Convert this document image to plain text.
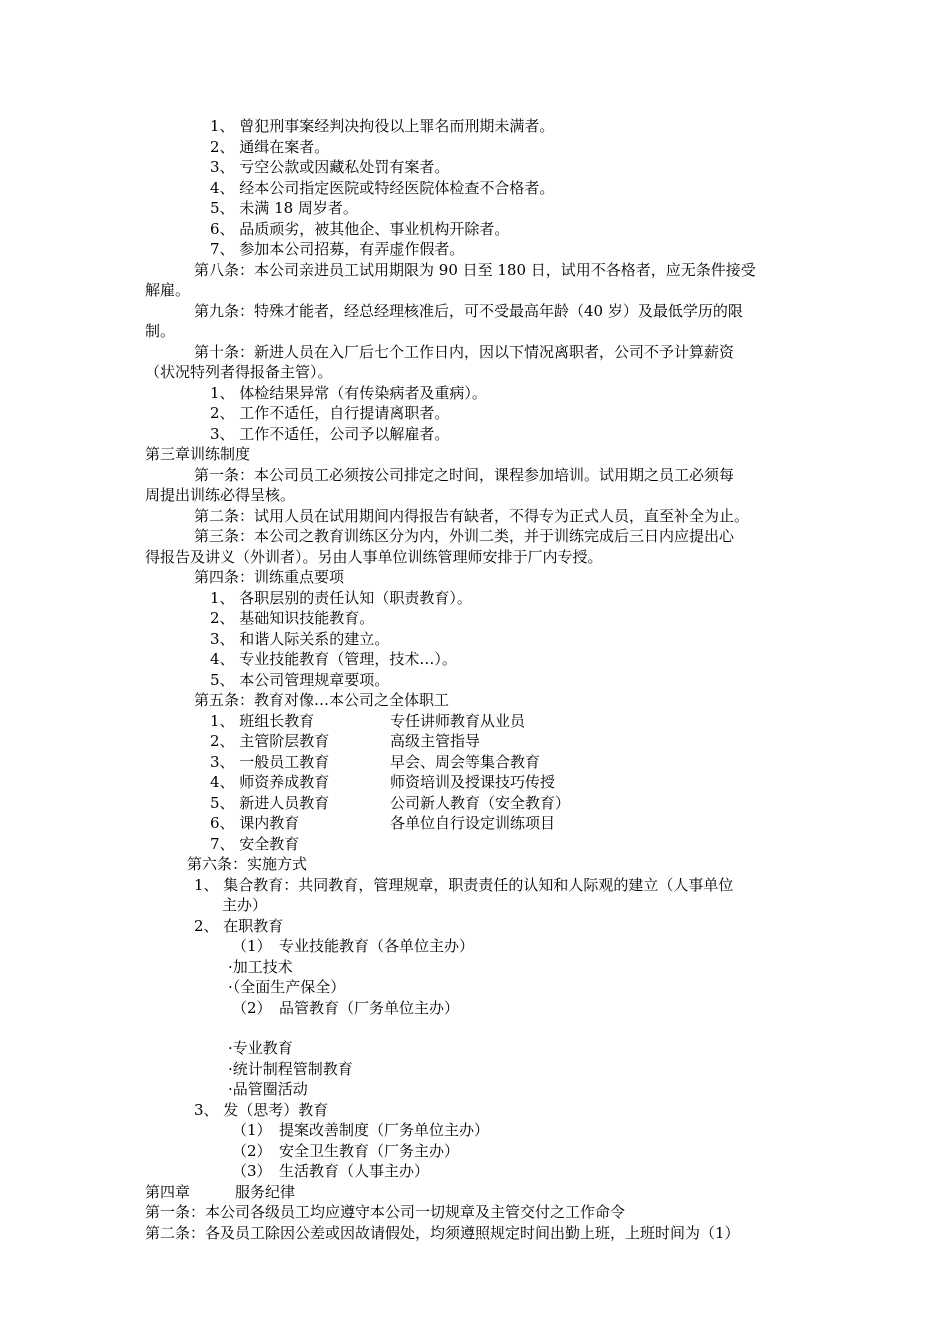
1、 曾犯刑事案经判决拘役以上罪名而刑期未满者。
2、 通缉在案者。
3、 亏空公款或因藏私处罚有案者。
4、 经本公司指定医院或特经医院体检查不合格者。
5、 未满 18 周岁者。
6、 品质顽劣，被其他企、事业机构开除者。
7、 参加本公司招募，有弄虚作假者。
第八条：本公司亲进员工试用期限为 90 日至 180 日，试用不各格者，应无条件接受
解雇。
第九条：特殊才能者，经总经理核准后，可不受最高年龄（40 岁）及最低学历的限
制。
第十条：新进人员在入厂后七个工作日内，因以下情况离职者，公司不予计算薪资
（状况特列者得报备主管）。
1、 体检结果异常（有传染病者及重病）。
2、 工作不适任，自行提请离职者。
3、 工作不适任，公司予以解雇者。
第三章训练制度
第一条：本公司员工必须按公司排定之时间，课程参加培训。试用期之员工必须每
周提出训练必得呈核。
第二条：试用人员在试用期间内得报告有缺者，不得专为正式人员，直至补全为止。
第三条：本公司之教育训练区分为内，外训二类，并于训练完成后三日内应提出心
得报告及讲义（外训者）。另由人事单位训练管理师安排于厂内专授。
第四条：训练重点要项
1、 各职层别的责任认知（职责教育）。
2、 基础知识技能教育。
3、 和谐人际关系的建立。
4、 专业技能教育（管理，技术…）。
5、 本公司管理规章要项。
第五条：教育对像…本公司之全体职工
1、 班组长教育	专任讲师教育从业员
2、 主管阶层教育	高级主管指导
3、 一般员工教育	早会、周会等集合教育
4、 师资养成教育	师资培训及授课技巧传授
5、 新进人员教育	公司新人教育（安全教育）
6、 课内教育	各单位自行设定训练项目
7、 安全教育
第六条：实施方式
1、 集合教育：共同教育，管理规章，职责责任的认知和人际观的建立（人事单位
主办）
2、 在职教育
（1）　专业技能教育（各单位主办）
·加工技术
·（全面生产保全）
（2）　品管教育（厂务单位主办）
·专业教育
·统计制程管制教育
·品管圈活动
3、 发（思考）教育
（1）　提案改善制度（厂务单位主办）
（2）　安全卫生教育（厂务主办）
（3）　生活教育（人事主办）
第四章　　　服务纪律
第一条：本公司各级员工均应遵守本公司一切规章及主管交付之工作命令
第二条：各及员工除因公差或因故请假处，均须遵照规定时间出勤上班，上班时间为（1）
